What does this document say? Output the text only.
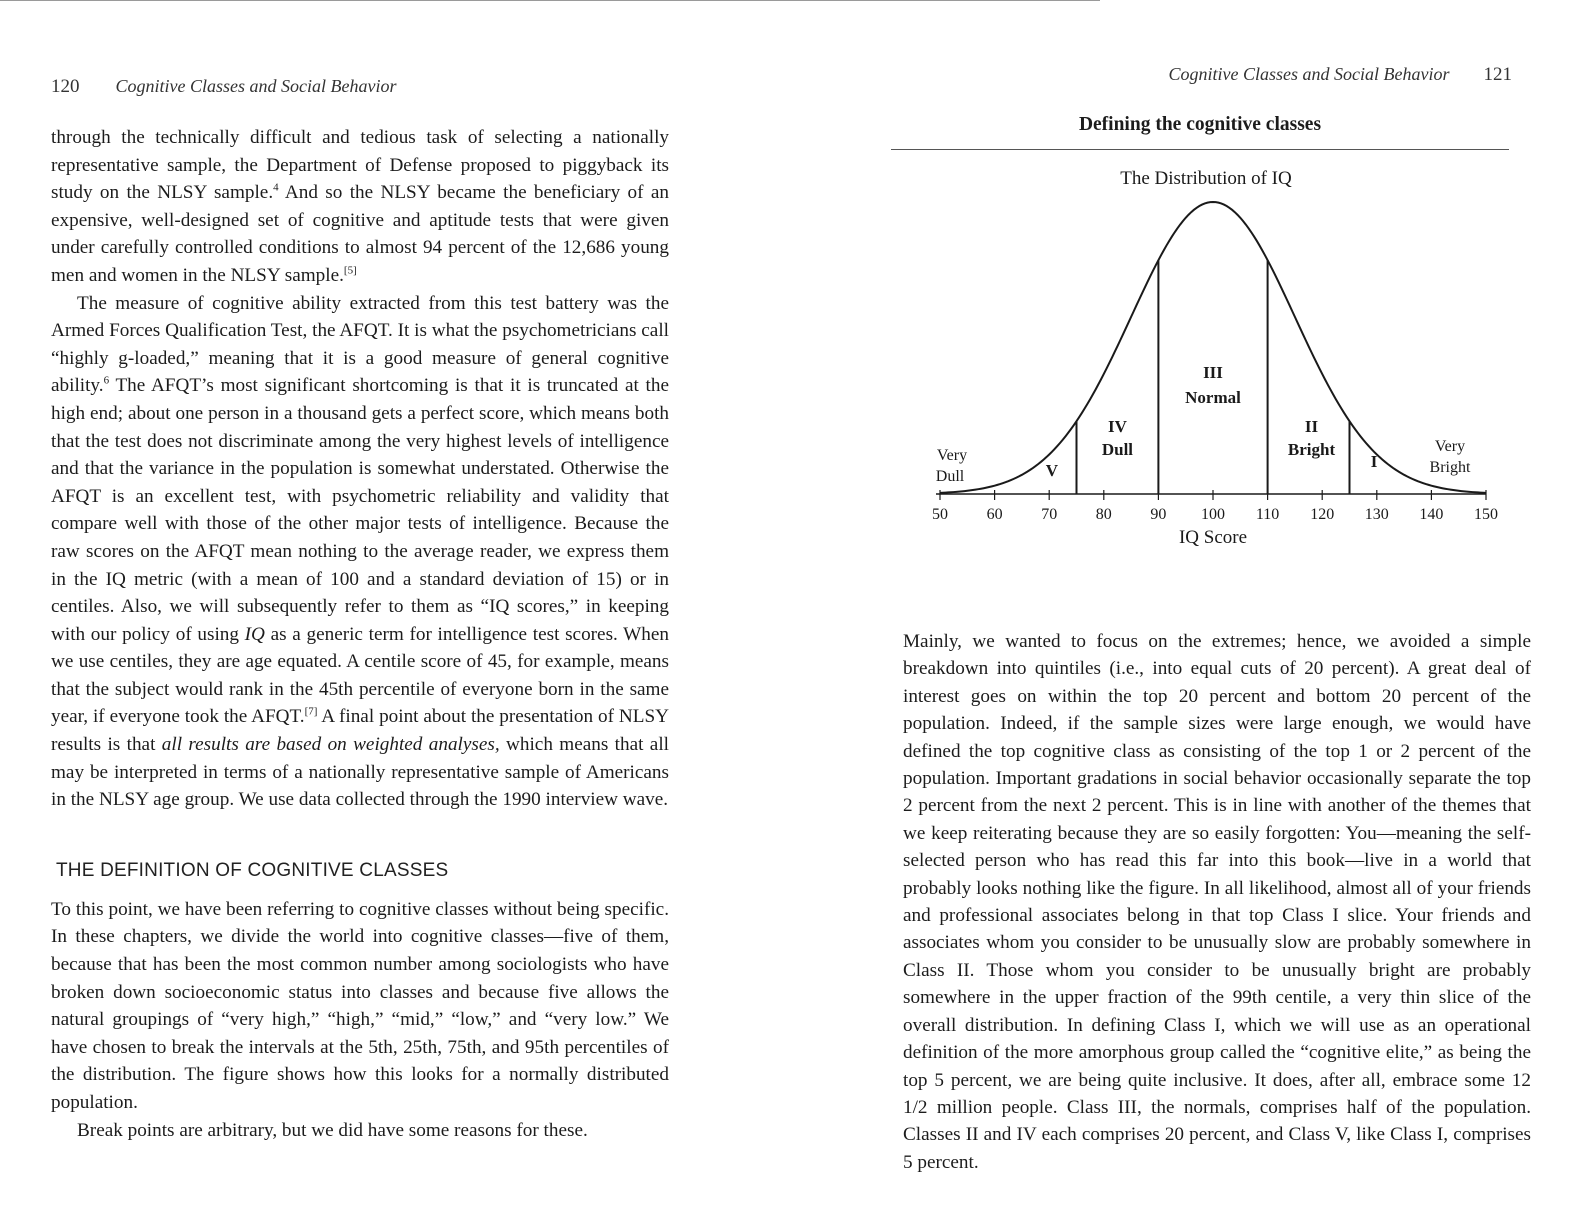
120 Cognitive Classes and Social Behavior

through the technically difficult and tedious task of selecting a nationally representative sample, the Department of Defense proposed to piggyback its study on the NLSY sample.$^4$ And so the NLSY became the beneficiary of an expensive, well-designed set of cognitive and aptitude tests that were given under carefully controlled conditions to almost 94 percent of the 12,686 young men and women in the NLSY sample.[5]

The measure of cognitive ability extracted from this test battery was the Armed Forces Qualification Test, the AFQT. It is what the psychometricians call “highly g-loaded,” meaning that it is a good measure of general cognitive ability.$^6$ The AFQT’s most significant shortcoming is that it is truncated at the high end; about one person in a thousand gets a perfect score, which means both that the test does not discriminate among the very highest levels of intelligence and that the variance in the population is somewhat understated. Otherwise the AFQT is an excellent test, with psychometric reliability and validity that compare well with those of the other major tests of intelligence. Because the raw scores on the AFQT mean nothing to the average reader, we express them in the IQ metric (with a mean of 100 and a standard deviation of 15) or in centiles. Also, we will subsequently refer to them as “IQ scores,” in keeping with our policy of using IQ as a generic term for intelligence test scores. When we use centiles, they are age equated. A centile score of 45, for example, means that the subject would rank in the 45th percentile of everyone born in the same year, if everyone took the AFQT.[7] A final point about the presentation of NLSY results is that all results are based on weighted analyses, which means that all may be interpreted in terms of a nationally representative sample of Americans in the NLSY age group. We use data collected through the 1990 interview wave.

THE DEFINITION OF COGNITIVE CLASSES

To this point, we have been referring to cognitive classes without being specific. In these chapters, we divide the world into cognitive classes—five of them, because that has been the most common number among sociologists who have broken down socioeconomic status into classes and because five allows the natural groupings of “very high,” “high,” “mid,” “low,” and “very low.” We have chosen to break the intervals at the 5th, 25th, 75th, and 95th percentiles of the distribution. The figure shows how this looks for a normally distributed population.

Break points are arbitrary, but we did have some reasons for these.

Cognitive Classes and Social Behavior 121
Defining the cognitive classes
The Distribution of IQ
50 60 70 80 90 100 110 120 130 140 150
IQ Score
V
IV
Dull
III
Normal
II
Bright
I
Very
Dull
Very
Bright

Mainly, we wanted to focus on the extremes; hence, we avoided a simple breakdown into quintiles (i.e., into equal cuts of 20 percent). A great deal of interest goes on within the top 20 percent and bottom 20 percent of the population. Indeed, if the sample sizes were large enough, we would have defined the top cognitive class as consisting of the top 1 or 2 percent of the population. Important gradations in social behavior occasionally separate the top 2 percent from the next 2 percent. This is in line with another of the themes that we keep reiterating because they are so easily forgotten: You—meaning the self-selected person who has read this far into this book—live in a world that probably looks nothing like the figure. In all likelihood, almost all of your friends and professional associates belong in that top Class I slice. Your friends and associates whom you consider to be unusually slow are probably somewhere in Class II. Those whom you consider to be unusually bright are probably somewhere in the upper fraction of the 99th centile, a very thin slice of the overall distribution. In defining Class I, which we will use as an operational definition of the more amorphous group called the “cognitive elite,” as being the top 5 percent, we are being quite inclusive. It does, after all, embrace some 12 1/2 million people. Class III, the normals, comprises half of the population. Classes II and IV each comprises 20 percent, and Class V, like Class I, comprises 5 percent.
